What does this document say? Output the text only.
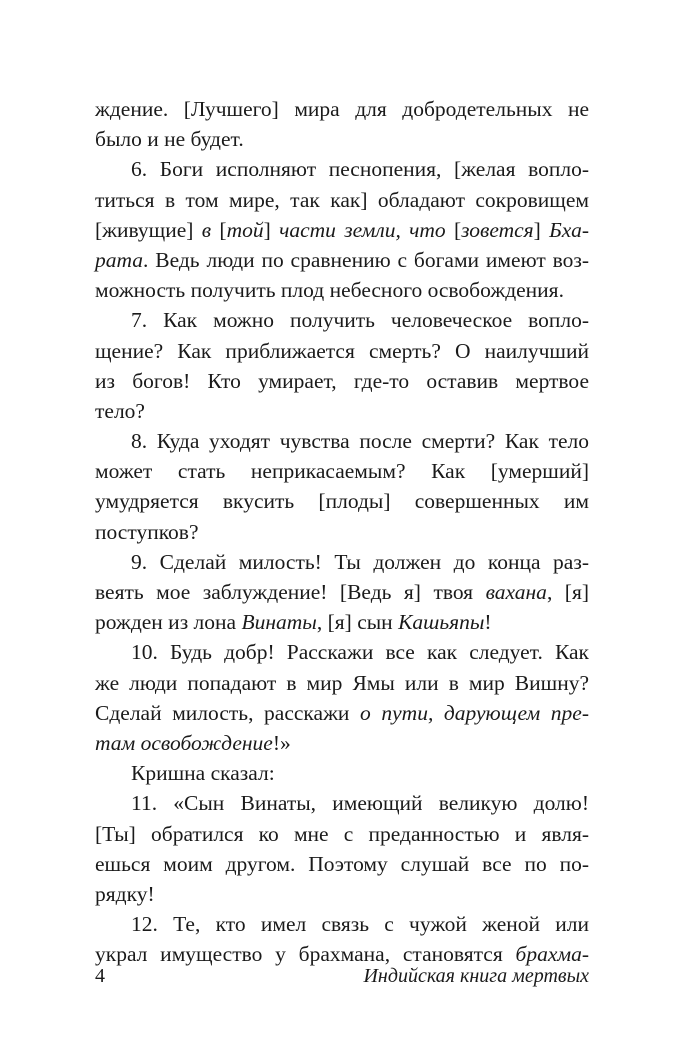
ждение. [Лучшего] мира для добродетельных не
было и не будет.
6. Боги исполняют песнопения, [желая вопло-
титься в том мире, так как] обладают сокровищем
[живущие] в [той] части земли, что [зовется] Бха-
рата. Ведь люди по сравнению с богами имеют воз-
можность получить плод небесного освобождения.
7. Как можно получить человеческое вопло-
щение? Как приближается смерть? О наилучший
из богов! Кто умирает, где-то оставив мертвое
тело?
8. Куда уходят чувства после смерти? Как тело
может стать неприкасаемым? Как [умерший]
умудряется вкусить [плоды] совершенных им
поступков?
9. Сделай милость! Ты должен до конца раз-
веять мое заблуждение! [Ведь я] твоя вахана, [я]
рожден из лона Винаты, [я] сын Кашьяпы!
10. Будь добр! Расскажи все как следует. Как
же люди попадают в мир Ямы или в мир Вишну?
Сделай милость, расскажи о пути, дарующем пре-
там освобождение!»
Кришна сказал:
11. «Сын Винаты, имеющий великую долю!
[Ты] обратился ко мне с преданностью и явля-
ешься моим другом. Поэтому слушай все по по-
рядку!
12. Те, кто имел связь с чужой женой или
украл имущество у брахмана, становятся брахма-
4	Индийская книга мертвых
